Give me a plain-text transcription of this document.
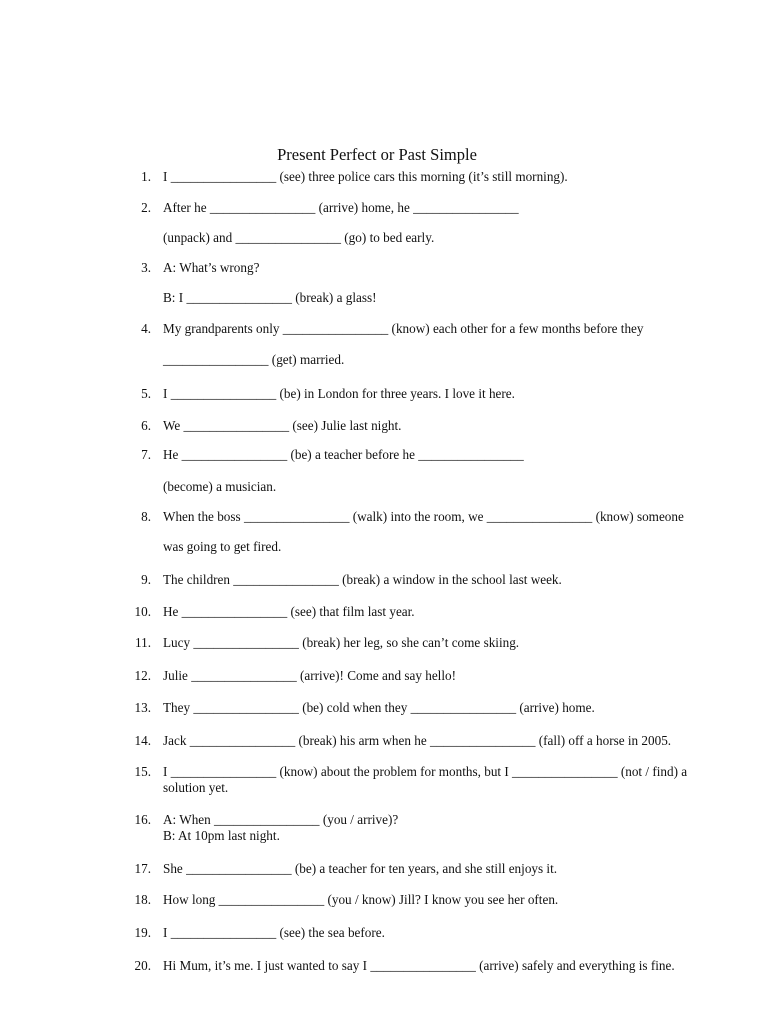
Present Perfect or Past Simple
1. I ________________ (see) three police cars this morning (it’s still morning).
2. After he ________________ (arrive) home, he ________________
(unpack) and ________________ (go) to bed early.
3. A: What’s wrong?
B: I ________________ (break) a glass!
4. My grandparents only ________________ (know) each other for a few months before they
________________ (get) married.
5. I ________________ (be) in London for three years. I love it here.
6. We ________________ (see) Julie last night.
7. He ________________ (be) a teacher before he ________________
(become) a musician.
8. When the boss ________________ (walk) into the room, we ________________ (know) someone
was going to get fired.
9. The children ________________ (break) a window in the school last week.
10. He ________________ (see) that film last year.
11. Lucy ________________ (break) her leg, so she can’t come skiing.
12. Julie ________________ (arrive)! Come and say hello!
13. They ________________ (be) cold when they ________________ (arrive) home.
14. Jack ________________ (break) his arm when he ________________ (fall) off a horse in 2005.
15. I ________________ (know) about the problem for months, but I ________________ (not / find) a
solution yet.
16. A: When ________________ (you / arrive)?
B: At 10pm last night.
17. She ________________ (be) a teacher for ten years, and she still enjoys it.
18. How long ________________ (you / know) Jill? I know you see her often.
19. I ________________ (see) the sea before.
20. Hi Mum, it’s me. I just wanted to say I ________________ (arrive) safely and everything is fine.
